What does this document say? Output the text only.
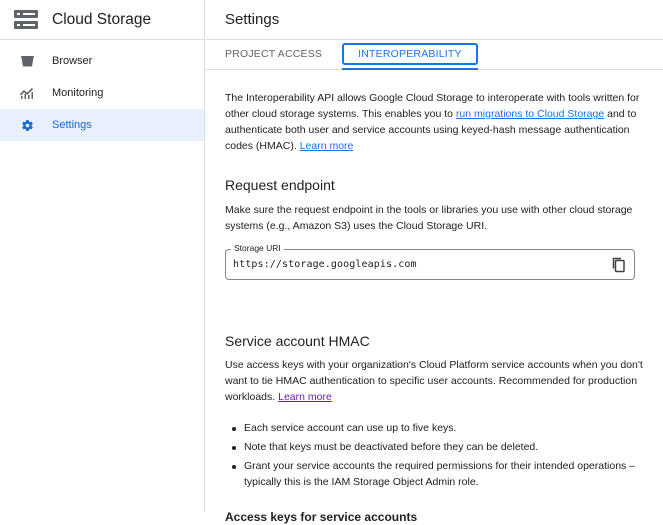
Cloud Storage
Browser
Monitoring
Settings
Settings
PROJECT ACCESS	INTEROPERABILITY

The Interoperability API allows Google Cloud Storage to interoperate with tools written for other cloud storage systems. This enables you to run migrations to Cloud Storage and to authenticate both user and service accounts using keyed-hash message authentication codes (HMAC). Learn more

Request endpoint

Make sure the request endpoint in the tools or libraries you use with other cloud storage systems (e.g., Amazon S3) uses the Cloud Storage URI.

Storage URI
https://storage.googleapis.com
Service account HMAC

Use access keys with your organization's Cloud Platform service accounts when you don't want to tie HMAC authentication to specific user accounts. Recommended for production workloads. Learn more

Each service account can use up to five keys.
Note that keys must be deactivated before they can be deleted.
Grant your service accounts the required permissions for their intended operations – typically this is the IAM Storage Object Admin role.
Access keys for service accounts
